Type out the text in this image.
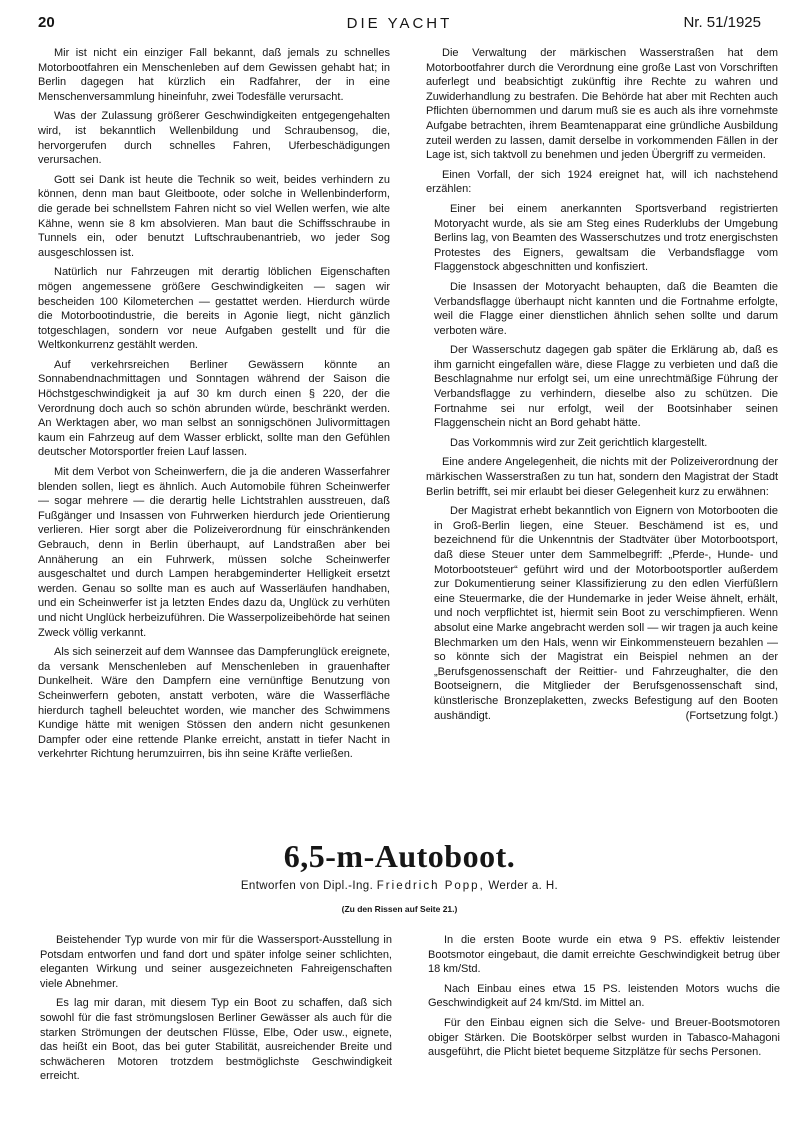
20	DIE YACHT	Nr. 51/1925

Mir ist nicht ein einziger Fall bekannt, daß jemals zu schnelles Motorbootfahren ein Menschenleben auf dem Gewissen gehabt hat; in Berlin dagegen hat kürzlich ein Radfahrer, der in eine Menschenversammlung hineinfuhr, zwei Todesfälle verursacht.

Was der Zulassung größerer Geschwindigkeiten entgegengehalten wird, ist bekanntlich Wellenbildung und Schraubensog, die, hervorgerufen durch schnelles Fahren, Uferbeschädigungen verursachen.

Gott sei Dank ist heute die Technik so weit, beides verhindern zu können, denn man baut Gleitboote, oder solche in Wellenbinderform, die gerade bei schnellstem Fahren nicht so viel Wellen werfen, wie alte Kähne, wenn sie 8 km absolvieren. Man baut die Schiffsschraube in Tunnels ein, oder benutzt Luftschraubenantrieb, wo jeder Sog ausgeschlossen ist.

Natürlich nur Fahrzeugen mit derartig löblichen Eigenschaften mögen angemessene größere Geschwindigkeiten — sagen wir bescheiden 100 Kilometerchen — gestattet werden. Hierdurch würde die Motorbootindustrie, die bereits in Agonie liegt, nicht gänzlich totgeschlagen, sondern vor neue Aufgaben gestellt und für die Weltkonkurrenz gestählt werden.

Auf verkehrsreichen Berliner Gewässern könnte an Sonnabendnachmittagen und Sonntagen während der Saison die Höchstgeschwindigkeit ja auf 30 km durch einen § 220, der die Verordnung doch auch so schön abrunden würde, beschränkt werden. An Werktagen aber, wo man selbst an sonnigschönen Julivormittagen kaum ein Fahrzeug auf dem Wasser erblickt, sollte man den Gefühlen deutscher Motorsportler freien Lauf lassen.

Mit dem Verbot von Scheinwerfern, die ja die anderen Wasserfahrer blenden sollen, liegt es ähnlich. Auch Automobile führen Scheinwerfer — sogar mehrere — die derartig helle Lichtstrahlen ausstreuen, daß Fußgänger und Insassen von Fuhrwerken hierdurch jede Orientierung verlieren. Hier sorgt aber die Polizeiverordnung für einschränkenden Gebrauch, denn in Berlin überhaupt, auf Landstraßen aber bei Annäherung an ein Fuhrwerk, müssen solche Scheinwerfer ausgeschaltet und durch Lampen herabgeminderter Helligkeit ersetzt werden. Genau so sollte man es auch auf Wasserläufen handhaben, und ein Scheinwerfer ist ja letzten Endes dazu da, Unglück zu verhüten und nicht Unglück herbeizuführen. Die Wasserpolizeibehörde hat seinen Zweck völlig verkannt.

Als sich seinerzeit auf dem Wannsee das Dampferunglück ereignete, da versank Menschenleben auf Menschenleben in grauenhafter Dunkelheit. Wäre den Dampfern eine vernünftige Benutzung von Scheinwerfern geboten, anstatt verboten, wäre die Wasserfläche hierdurch taghell beleuchtet worden, wie mancher des Schwimmens Kundige hätte mit wenigen Stössen den andern nicht gesunkenen Dampfer oder eine rettende Planke erreicht, anstatt in tiefer Nacht in verkehrter Richtung herumzuirren, bis ihn seine Kräfte verließen.

Die Verwaltung der märkischen Wasserstraßen hat dem Motorbootfahrer durch die Verordnung eine große Last von Vorschriften auferlegt und beabsichtigt zukünftig ihre Rechte zu wahren und Zuwiderhandlung zu bestrafen. Die Behörde hat aber mit Rechten auch Pflichten übernommen und darum muß sie es auch als ihre vornehmste Aufgabe betrachten, ihrem Beamtenapparat eine gründliche Ausbildung zuteil werden zu lassen, damit derselbe in vorkommenden Fällen in der Lage ist, sich taktvoll zu benehmen und jeden Übergriff zu vermeiden.

Einen Vorfall, der sich 1924 ereignet hat, will ich nachstehend erzählen:

Einer bei einem anerkannten Sportsverband registrierten Motoryacht wurde, als sie am Steg eines Ruderklubs der Umgebung Berlins lag, von Beamten des Wasserschutzes und trotz energischsten Protestes des Eigners, gewaltsam die Verbandsflagge vom Flaggenstock abgeschnitten und konfisziert.

Die Insassen der Motoryacht behaupten, daß die Beamten die Verbandsflagge überhaupt nicht kannten und die Fortnahme erfolgte, weil die Flagge einer dienstlichen ähnlich sehen sollte und darum verboten wäre.

Der Wasserschutz dagegen gab später die Erklärung ab, daß es ihm garnicht eingefallen wäre, diese Flagge zu verbieten und daß die Beschlagnahme nur erfolgt sei, um eine unrechtmäßige Führung der Verbandsflagge zu verhindern, dieselbe also zu schützen. Die Fortnahme sei nur erfolgt, weil der Bootsinhaber seinen Flaggenschein nicht an Bord gehabt hätte.

Das Vorkommnis wird zur Zeit gerichtlich klargestellt.

Eine andere Angelegenheit, die nichts mit der Polizeiverordnung der märkischen Wasserstraßen zu tun hat, sondern den Magistrat der Stadt Berlin betrifft, sei mir erlaubt bei dieser Gelegenheit kurz zu erwähnen:

Der Magistrat erhebt bekanntlich von Eignern von Motorbooten die in Groß-Berlin liegen, eine Steuer. Beschämend ist es, und bezeichnend für die Unkenntnis der Stadtväter über Motorbootsport, daß diese Steuer unter dem Sammelbegriff: „Pferde-, Hunde- und Motorbootsteuer“ geführt wird und der Motorbootsportler außerdem zur Dokumentierung seiner Klassifizierung zu den edlen Vierfüßlern eine Steuermarke, die der Hundemarke in jeder Weise ähnelt, erhält, und noch verpflichtet ist, hiermit sein Boot zu verschimpfieren. Wenn absolut eine Marke angebracht werden soll — wir tragen ja auch keine Blechmarken um den Hals, wenn wir Einkommensteuern bezahlen — so könnte sich der Magistrat ein Beispiel nehmen an der „Berufsgenossenschaft der Reittier- und Fahrzeughalter, die den Bootseignern, die Mitglieder der Berufsgenossenschaft sind, künstlerische Bronzeplaketten, zwecks Befestigung auf den Booten aushändigt.	(Fortsetzung folgt.)

6,5-m-Autoboot.
Entworfen von Dipl.-Ing. Friedrich Popp, Werder a. H.
(Zu den Rissen auf Seite 21.)

Beistehender Typ wurde von mir für die Wassersport-Ausstellung in Potsdam entworfen und fand dort und später infolge seiner schlichten, eleganten Wirkung und seiner ausgezeichneten Fahreigenschaften viele Abnehmer.

Es lag mir daran, mit diesem Typ ein Boot zu schaffen, daß sich sowohl für die fast strömungslosen Berliner Gewässer als auch für die starken Strömungen der deutschen Flüsse, Elbe, Oder usw., eignete, das heißt ein Boot, das bei guter Stabilität, ausreichender Breite und schwächeren Motoren trotzdem bestmöglichste Geschwindigkeit erreicht.

In die ersten Boote wurde ein etwa 9 PS. effektiv leistender Bootsmotor eingebaut, die damit erreichte Geschwindigkeit betrug über 18 km/Std.

Nach Einbau eines etwa 15 PS. leistenden Motors wuchs die Geschwindigkeit auf 24 km/Std. im Mittel an.

Für den Einbau eignen sich die Selve- und Breuer-Bootsmotoren obiger Stärken. Die Bootskörper selbst wurden in Tabasco-Mahagoni ausgeführt, die Plicht bietet bequeme Sitzplätze für sechs Personen.
